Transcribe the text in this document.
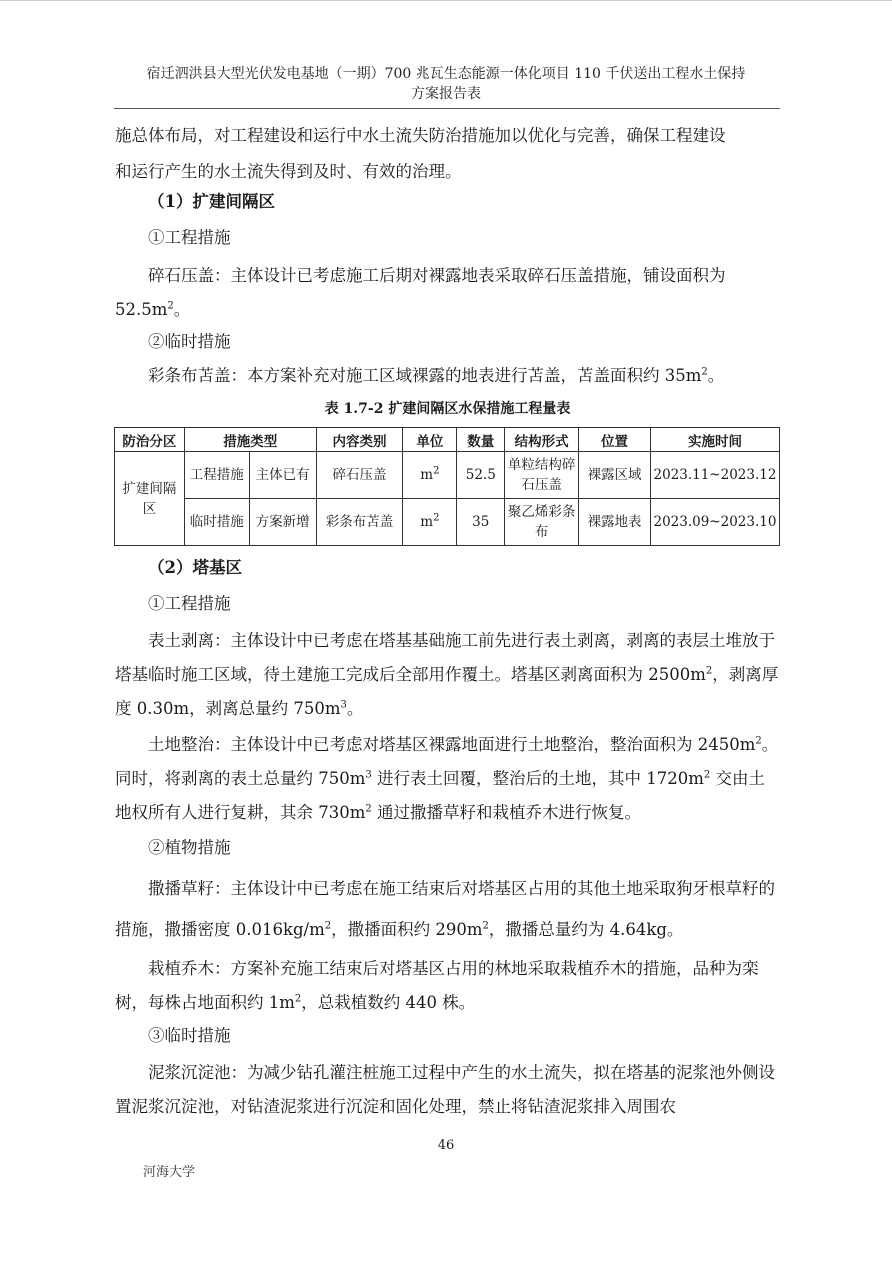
宿迁泗洪县大型光伏发电基地（一期）700 兆瓦生态能源一体化项目 110 千伏送出工程水土保持
方案报告表
施总体布局，对工程建设和运行中水土流失防治措施加以优化与完善，确保工程建设
和运行产生的水土流失得到及时、有效的治理。
（1）扩建间隔区
①工程措施
碎石压盖：主体设计已考虑施工后期对裸露地表采取碎石压盖措施，铺设面积为
$52.5m^2$。
②临时措施
彩条布苫盖：本方案补充对施工区域裸露的地表进行苫盖，苫盖面积约 $35m^2$。
表 1.7-2 扩建间隔区水保措施工程量表
防治分区	措施类型		内容类别	单位	数量	结构形式	位置	实施时间
扩建间隔区	工程措施	主体已有	碎石压盖	$m^2$	52.5	单粒结构碎石压盖	裸露区域	2023.11~2023.12
	临时措施	方案新增	彩条布苫盖	$m^2$	35	聚乙烯彩条布	裸露地表	2023.09~2023.10
（2）塔基区
①工程措施
表土剥离：主体设计中已考虑在塔基基础施工前先进行表土剥离，剥离的表层土堆放于塔基临时施工区域，待土建施工完成后全部用作覆土。塔基区剥离面积为 $2500m^2$，剥离厚度 0.30m，剥离总量约 $750m^3$。
土地整治：主体设计中已考虑对塔基区裸露地面进行土地整治，整治面积为 $2450m^2$。同时，将剥离的表土总量约 $750m^3$ 进行表土回覆，整治后的土地，其中 $1720m^2$ 交由土地权所有人进行复耕，其余 $730m^2$ 通过撒播草籽和栽植乔木进行恢复。
②植物措施
撒播草籽：主体设计中已考虑在施工结束后对塔基区占用的其他土地采取狗牙根草籽的措施，撒播密度 $0.016kg/m^2$，撒播面积约 $290m^2$，撒播总量约为 4.64kg。
栽植乔木：方案补充施工结束后对塔基区占用的林地采取栽植乔木的措施，品种为栾树，每株占地面积约 $1m^2$，总栽植数约 440 株。
③临时措施
泥浆沉淀池：为减少钻孔灌注桩施工过程中产生的水土流失，拟在塔基的泥浆池外侧设置泥浆沉淀池，对钻渣泥浆进行沉淀和固化处理，禁止将钻渣泥浆排入周围农
46
河海大学
